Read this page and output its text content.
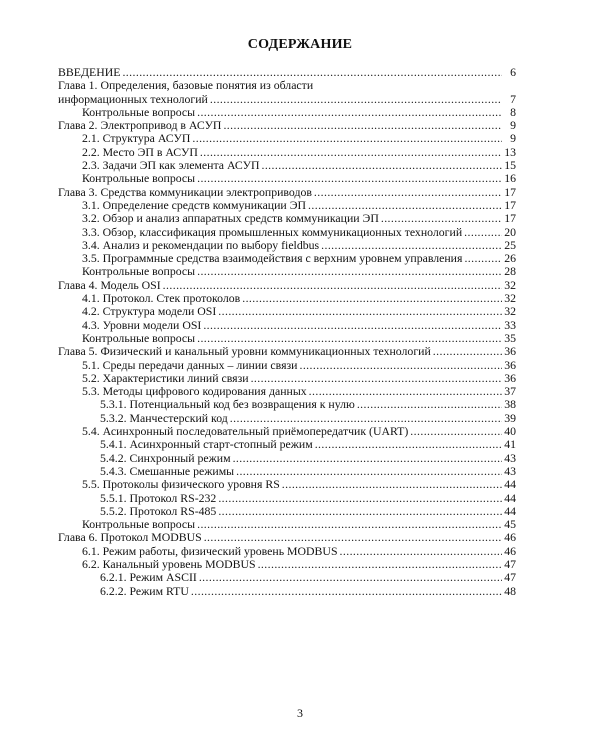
СОДЕРЖАНИЕ
ВВЕДЕНИЕ .....	6
Глава 1. Определения, базовые понятия из области
информационных технологий .....	7
Контрольные вопросы .....	8
Глава 2. Электропривод в АСУП .....	9
2.1. Структура АСУП .....	9
2.2. Место ЭП в АСУП .....	13
2.3. Задачи ЭП как элемента АСУП .....	15
Контрольные вопросы .....	16
Глава 3. Средства коммуникации электроприводов .....	17
3.1. Определение средств коммуникации ЭП .....	17
3.2. Обзор и анализ аппаратных средств коммуникации ЭП .....	17
3.3. Обзор, классификация промышленных коммуникационных технологий .....	20
3.4. Анализ и рекомендации по выбору fieldbus .....	25
3.5. Программные средства взаимодействия с верхним уровнем управления .....	26
Контрольные вопросы .....	28
Глава 4. Модель OSI .....	32
4.1. Протокол. Стек протоколов .....	32
4.2. Структура модели OSI .....	32
4.3. Уровни модели OSI .....	33
Контрольные вопросы .....	35
Глава 5. Физический и канальный уровни коммуникационных технологий .....	36
5.1. Среды передачи данных – линии связи .....	36
5.2. Характеристики линий связи .....	36
5.3. Методы цифрового кодирования данных .....	37
5.3.1. Потенциальный код без возвращения к нулю .....	38
5.3.2. Манчестерский код .....	39
5.4. Асинхронный последовательный приёмопередатчик (UART) .....	40
5.4.1. Асинхронный старт-стопный режим .....	41
5.4.2. Синхронный режим .....	43
5.4.3. Смешанные режимы .....	43
5.5. Протоколы физического уровня RS .....	44
5.5.1. Протокол RS-232 .....	44
5.5.2. Протокол RS-485 .....	44
Контрольные вопросы .....	45
Глава 6. Протокол MODBUS .....	46
6.1. Режим работы, физический уровень MODBUS .....	46
6.2. Канальный уровень MODBUS .....	47
6.2.1. Режим ASCII .....	47
6.2.2. Режим RTU .....	48
3
